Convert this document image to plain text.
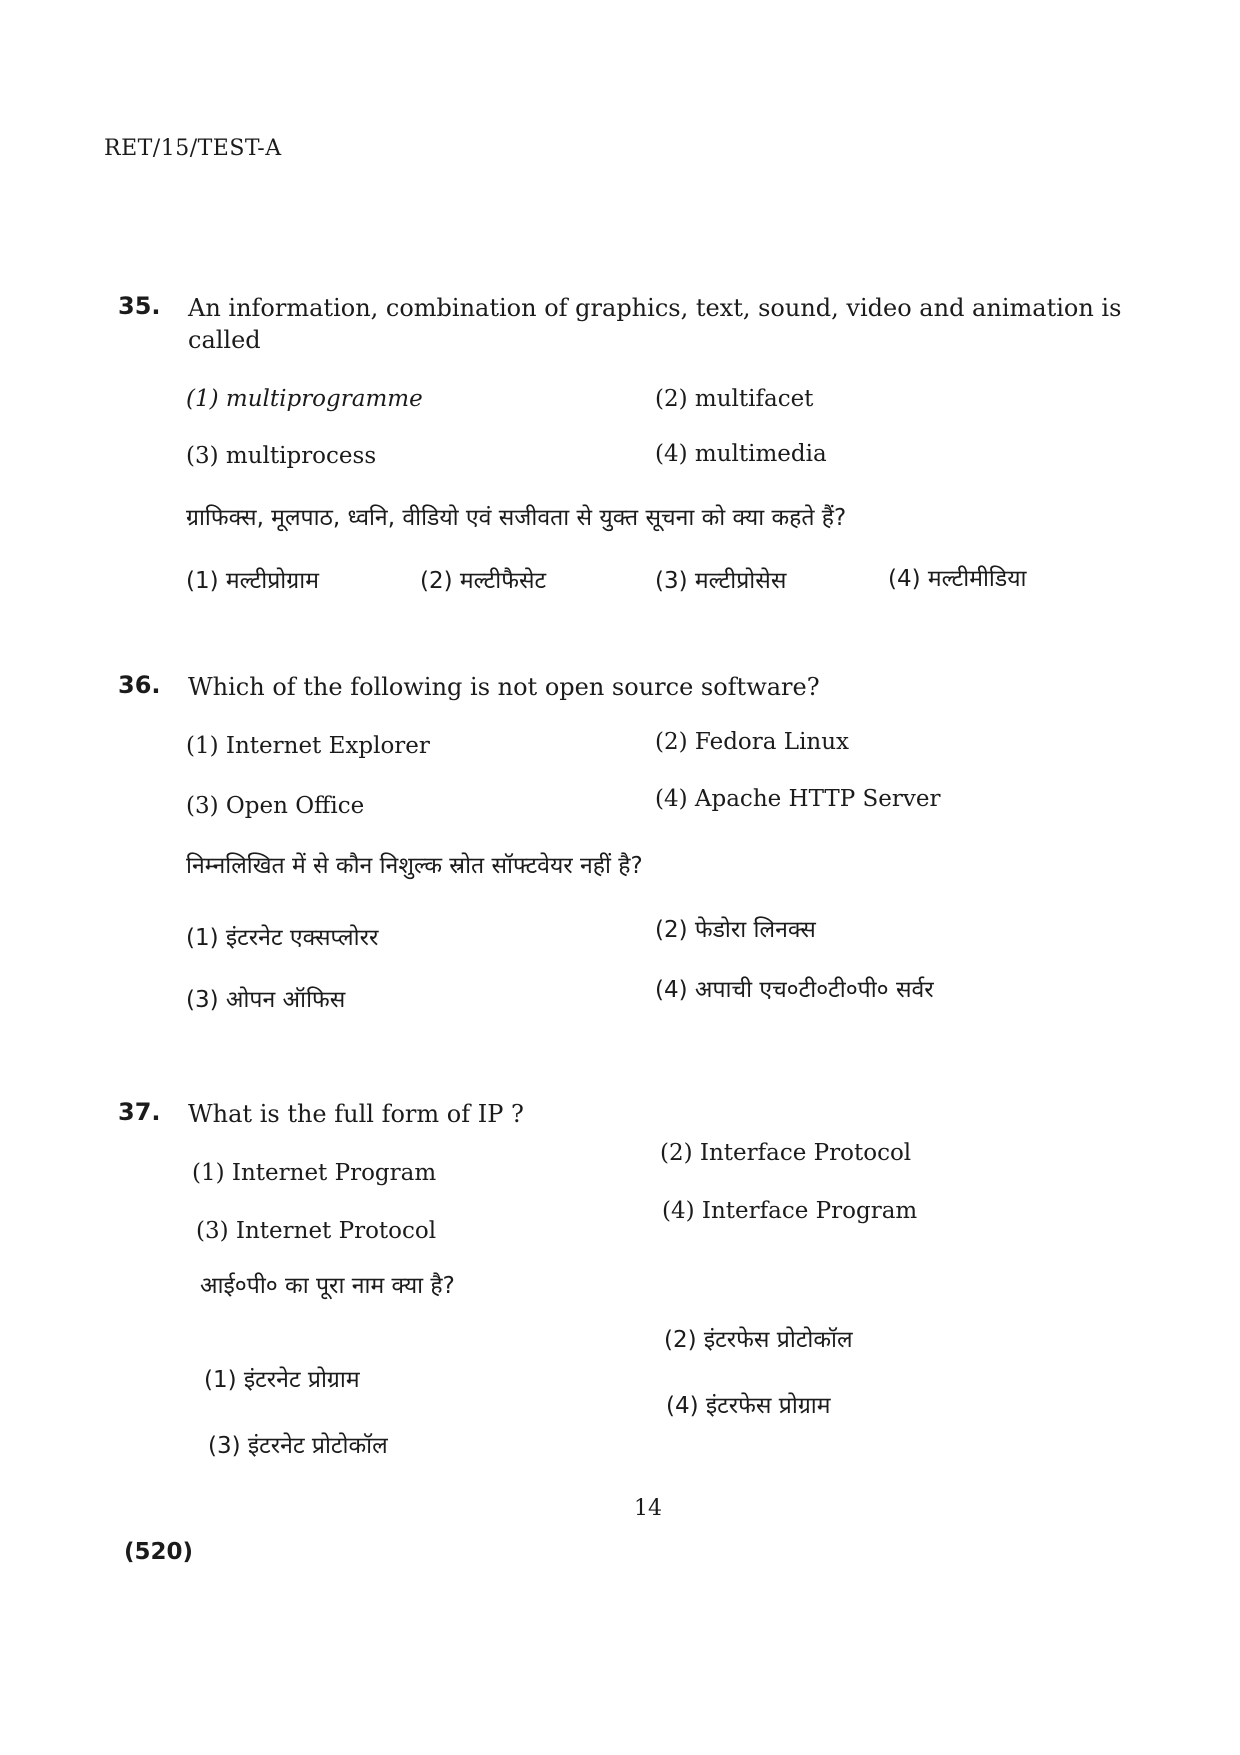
RET/15/TEST-A
35. An information, combination of graphics, text, sound, video and animation is called
(1) multiprogramme	(2) multifacet
(3) multiprocess	(4) multimedia
ग्राफिक्स, मूलपाठ, ध्वनि, वीडियो एवं सजीवता से युक्त सूचना को क्या कहते हैं?
(1) मल्टीप्रोग्राम	(2) मल्टीफैसेट	(3) मल्टीप्रोसेस	(4) मल्टीमीडिया
36. Which of the following is not open source software?
(1) Internet Explorer	(2) Fedora Linux
(3) Open Office	(4) Apache HTTP Server
निम्नलिखित में से कौन निशुल्क स्रोत सॉफ्टवेयर नहीं है?
(1) इंटरनेट एक्सप्लोरर	(2) फेडोरा लिनक्स
(3) ओपन ऑफिस	(4) अपाची एच०टी०टी०पी० सर्वर
37. What is the full form of IP ?
(1) Internet Program
(2) Interface Protocol
(3) Internet Protocol
(4) Interface Program
आई०पी० का पूरा नाम क्या है?
(1) इंटरनेट प्रोग्राम
(2) इंटरफेस प्रोटोकॉल
(3) इंटरनेट प्रोटोकॉल
(4) इंटरफेस प्रोग्राम
14
(520)
